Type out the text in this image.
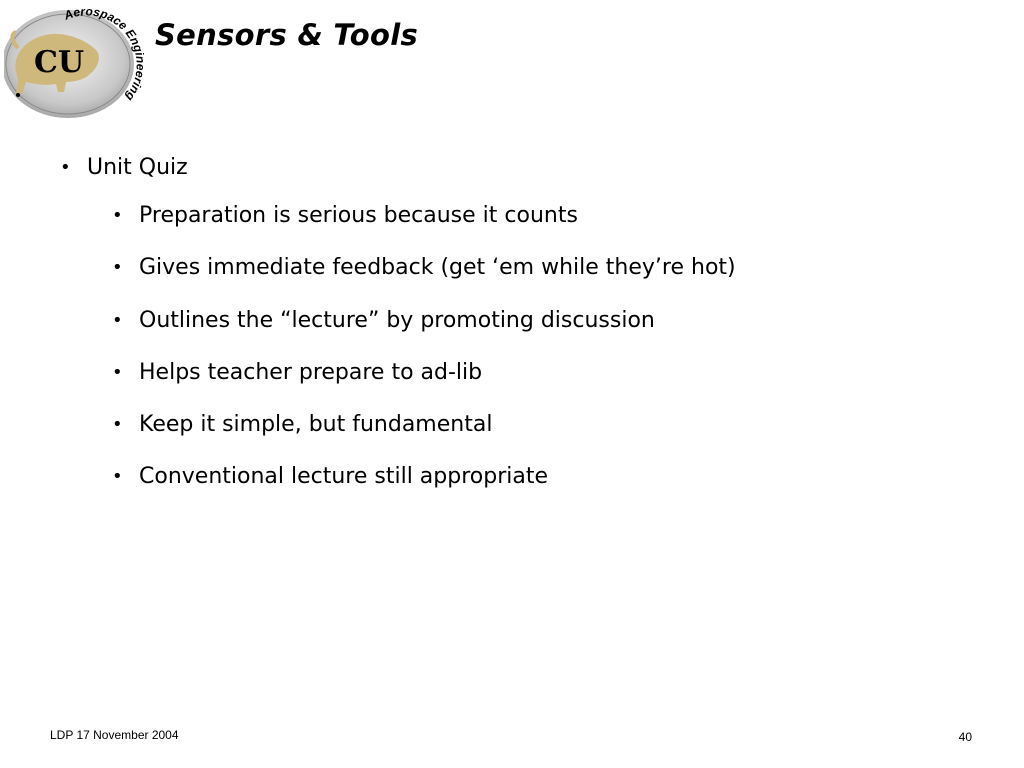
CU
Aerospace En ing
Sensors & Tools
• Unit Quiz
• Preparation is serious because it counts
• Gives immediate feedback (get ‘em while they’re hot)
• Outlines the “lecture” by promoting discussion
• Helps teacher prepare to ad-lib
• Keep it simple, but fundamental
• Conventional lecture still appropriate
LDP 17 November 2004	40
